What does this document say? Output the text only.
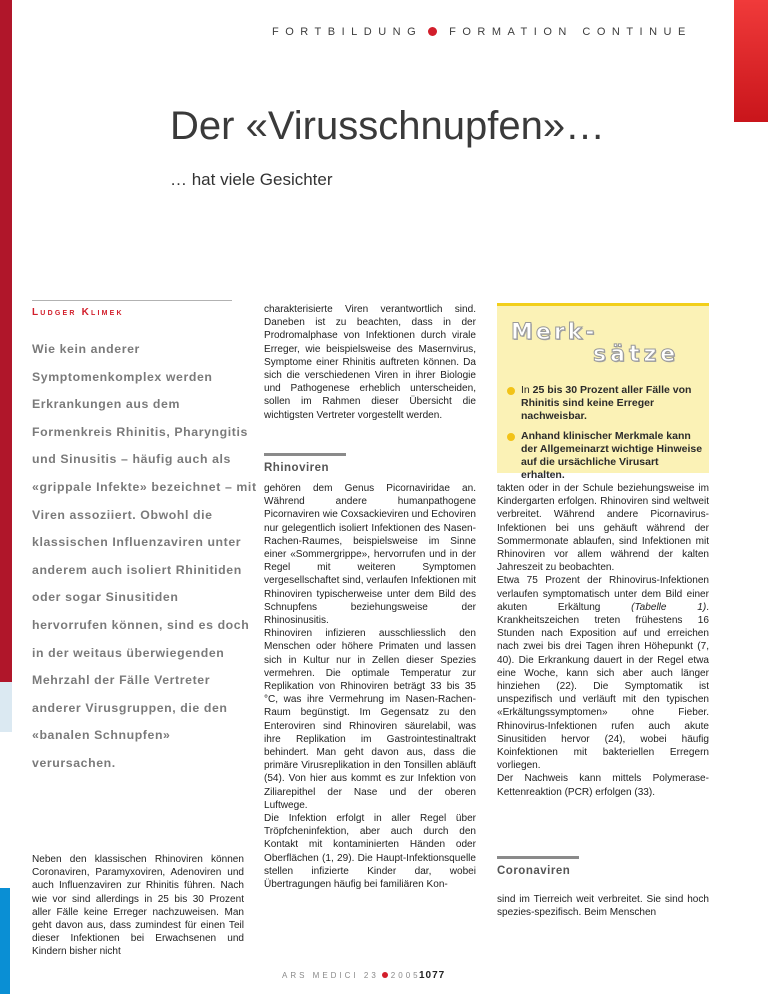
FORTBILDUNG FORMATION CONTINUE
Der «Virusschnupfen»…

… hat viele Gesichter

Ludger Klimek

Wie kein anderer Symptomenkomplex werden Erkrankungen aus dem Formenkreis Rhinitis, Pharyngitis und Sinusitis – häufig auch als «grippale Infekte» bezeichnet – mit Viren assoziiert. Obwohl die klassischen Influenzaviren unter anderem auch isoliert Rhinitiden oder sogar Sinusitiden hervorrufen können, sind es doch in der weitaus überwiegenden Mehrzahl der Fälle Vertreter anderer Virusgruppen, die den «banalen Schnupfen» verursachen.

Neben den klassischen Rhinoviren können Coronaviren, Paramyxoviren, Adenoviren und auch Influenzaviren zur Rhinitis führen. Nach wie vor sind allerdings in 25 bis 30 Prozent aller Fälle keine Erreger nachzuweisen. Man geht davon aus, dass zumindest für einen Teil dieser Infektionen bei Erwachsenen und Kindern bisher nicht

charakterisierte Viren verantwortlich sind. Daneben ist zu beachten, dass in der Prodromalphase von Infektionen durch virale Erreger, wie beispielsweise des Masernvirus, Symptome einer Rhinitis auftreten können. Da sich die verschiedenen Viren in ihrer Biologie und Pathogenese erheblich unterscheiden, sollen im Rahmen dieser Übersicht die wichtigsten Vertreter vorgestellt werden.

Rhinoviren
gehören dem Genus Picornaviridae an. Während andere humanpathogene Picornaviren wie Coxsackieviren und Echoviren nur gelegentlich isoliert Infektionen des Nasen-Rachen-Raumes, beispielsweise im Sinne einer «Sommergrippe», hervorrufen und in der Regel mit weiteren Symptomen vergesellschaftet sind, verlaufen Infektionen mit Rhinoviren typischerweise unter dem Bild des Schnupfens beziehungsweise der Rhinosinusitis.
Rhinoviren infizieren ausschliesslich den Menschen oder höhere Primaten und lassen sich in Kultur nur in Zellen dieser Spezies vermehren. Die optimale Temperatur zur Replikation von Rhinoviren beträgt 33 bis 35 °C, was ihre Vermehrung im Nasen-Rachen-Raum begünstigt. Im Gegensatz zu den Enteroviren sind Rhinoviren säurelabil, was ihre Replikation im Gastrointestinaltrakt behindert. Man geht davon aus, dass die primäre Virusreplikation in den Tonsillen abläuft (54). Von hier aus kommt es zur Infektion von Ziliarepithel der Nase und der oberen Luftwege.
Die Infektion erfolgt in aller Regel über Tröpfcheninfektion, aber auch durch den Kontakt mit kontaminierten Händen oder Oberflächen (1, 29). Die Haupt-Infektionsquelle stellen infizierte Kinder dar, wobei Übertragungen häufig bei familiären Kon-
Merk-
sätze
In 25 bis 30 Prozent aller Fälle von Rhinitis sind keine Erreger nachweisbar.
Anhand klinischer Merkmale kann der Allgemeinarzt wichtige Hinweise auf die ursächliche Virusart erhalten.
takten oder in der Schule beziehungsweise im Kindergarten erfolgen. Rhinoviren sind weltweit verbreitet. Während andere Picornavirus-Infektionen bei uns gehäuft während der Sommermonate ablaufen, sind Infektionen mit Rhinoviren vor allem während der kalten Jahreszeit zu beobachten.
Etwa 75 Prozent der Rhinovirus-Infektionen verlaufen symptomatisch unter dem Bild einer akuten Erkältung (Tabelle 1). Krankheitszeichen treten frühestens 16 Stunden nach Exposition auf und erreichen nach zwei bis drei Tagen ihren Höhepunkt (7, 40). Die Erkrankung dauert in der Regel etwa eine Woche, kann sich aber auch länger hinziehen (22). Die Symptomatik ist unspezifisch und verläuft mit den typischen «Erkältungssymptomen» ohne Fieber. Rhinovirus-Infektionen rufen auch akute Sinusitiden hervor (24), wobei häufig Koinfektionen mit bakteriellen Erregern vorliegen.
Der Nachweis kann mittels Polymerase-Kettenreaktion (PCR) erfolgen (33).
Coronaviren

sind im Tierreich weit verbreitet. Sie sind hoch spezies-spezifisch. Beim Menschen

ARS MEDICI 23 2005
1077
